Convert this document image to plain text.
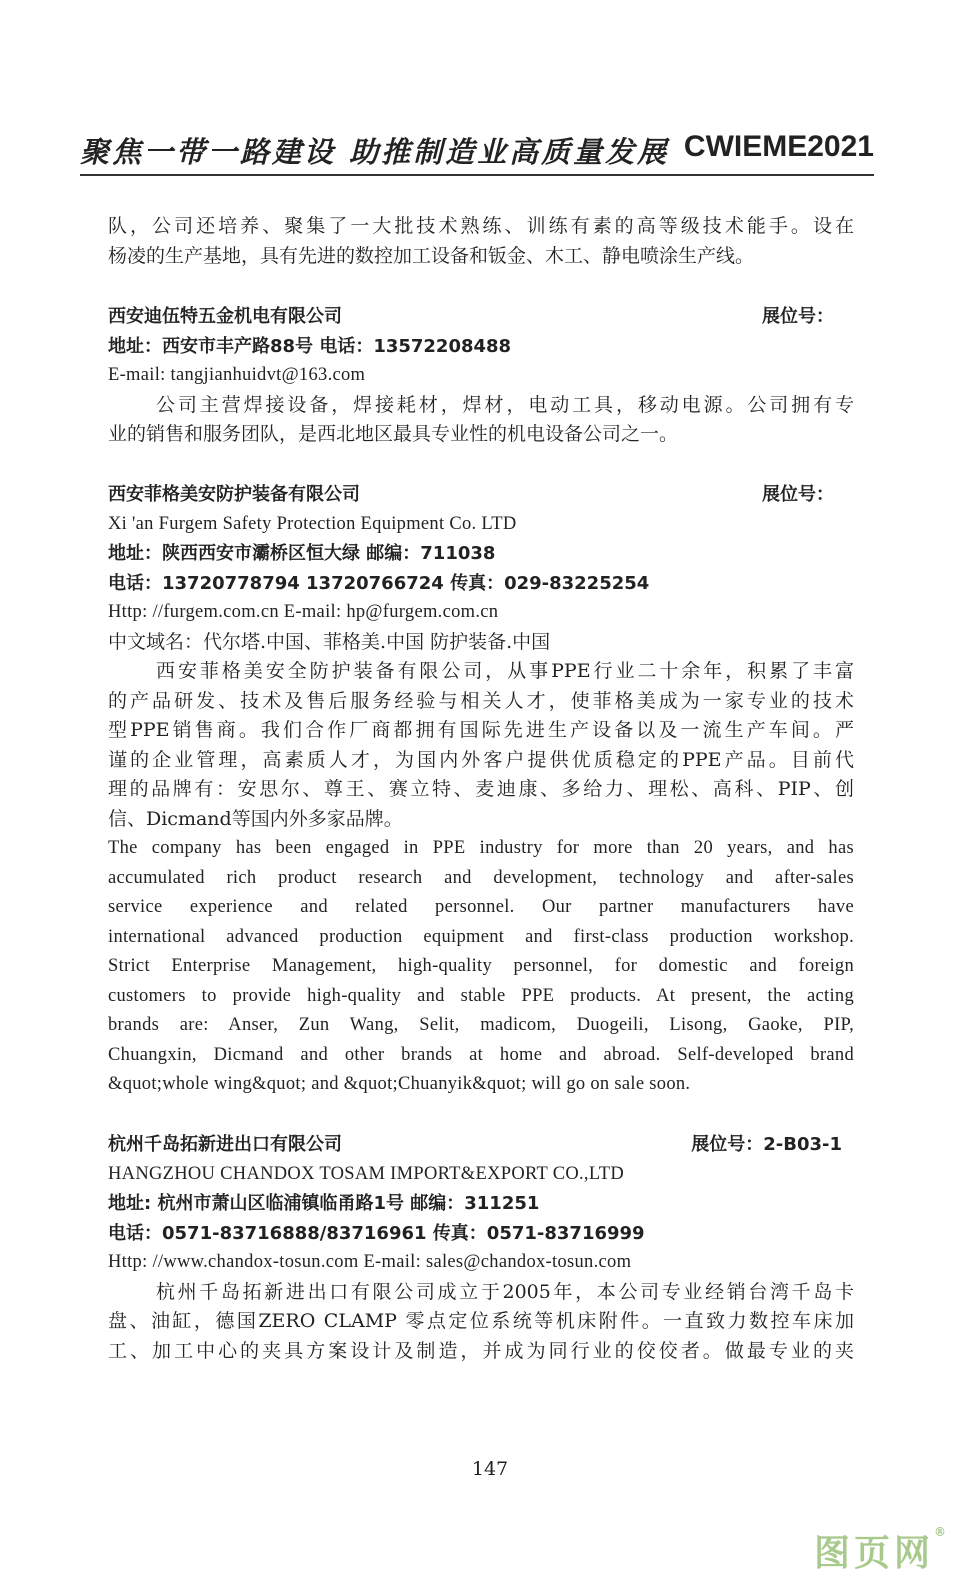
聚焦一带一路建设 助推制造业高质量发展 CWIEME2021
队，公司还培养、聚集了一大批技术熟练、训练有素的高等级技术能手。设在
杨凌的生产基地，具有先进的数控加工设备和钣金、木工、静电喷涂生产线。
西安迪伍特五金机电有限公司	展位号：
地址：西安市丰产路88号 电话：13572208488
E-mail: tangjianhuidvt@163.com
公司主营焊接设备，焊接耗材，焊材，电动工具，移动电源。公司拥有专
业的销售和服务团队，是西北地区最具专业性的机电设备公司之一。
西安菲格美安防护装备有限公司	展位号：
Xi 'an Furgem Safety Protection Equipment Co. LTD
地址：陕西西安市灞桥区恒大绿 邮编：711038
电话：13720778794 13720766724 传真：029-83225254
Http: //furgem.com.cn E-mail: hp@furgem.com.cn
中文域名：代尔塔.中国、菲格美.中国 防护装备.中国
西安菲格美安全防护装备有限公司，从事PPE行业二十余年，积累了丰富
的产品研发、技术及售后服务经验与相关人才，使菲格美成为一家专业的技术
型PPE销售商。我们合作厂商都拥有国际先进生产设备以及一流生产车间。严
谨的企业管理，高素质人才，为国内外客户提供优质稳定的PPE产品。目前代
理的品牌有：安思尔、尊王、赛立特、麦迪康、多给力、理松、高科、PIP、创
信、Dicmand等国内外多家品牌。
The company has been engaged in PPE industry for more than 20 years, and has
accumulated rich product research and development, technology and after-sales
service experience and related personnel. Our partner manufacturers have
international advanced production equipment and first-class production workshop.
Strict Enterprise Management, high-quality personnel, for domestic and foreign
customers to provide high-quality and stable PPE products. At present, the acting
brands are: Anser, Zun Wang, Selit, madicom, Duogeili, Lisong, Gaoke, PIP,
Chuangxin, Dicmand and other brands at home and abroad. Self-developed brand
&quot;whole wing&quot; and &quot;Chuanyik&quot; will go on sale soon.
杭州千岛拓新进出口有限公司	展位号：2-B03-1
HANGZHOU CHANDOX TOSAM IMPORT&EXPORT CO.,LTD
地址: 杭州市萧山区临浦镇临甬路1号 邮编：311251
电话：0571-83716888/83716961 传真：0571-83716999
Http: //www.chandox-tosun.com E-mail: sales@chandox-tosun.com
杭州千岛拓新进出口有限公司成立于2005年，本公司专业经销台湾千岛卡
盘、油缸，德国ZERO CLAMP 零点定位系统等机床附件。一直致力数控车床加
工、加工中心的夹具方案设计及制造，并成为同行业的佼佼者。做最专业的夹
147
图页网®
